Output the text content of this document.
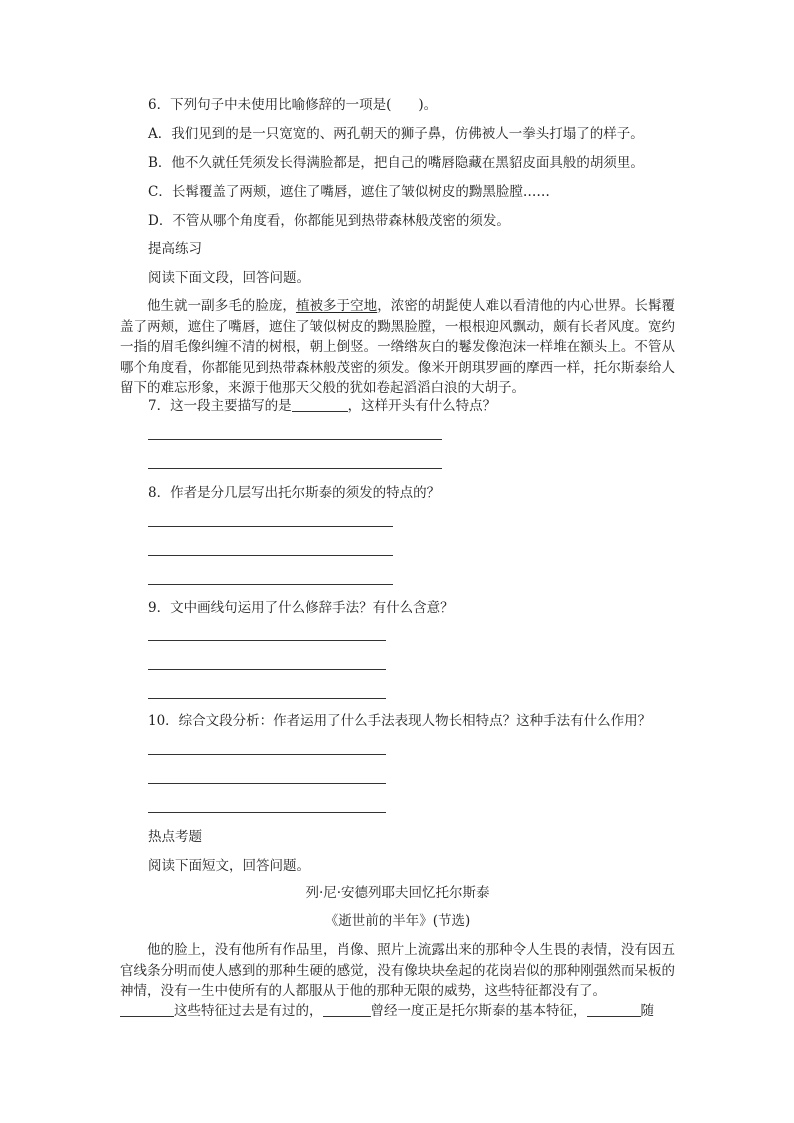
6．下列句子中未使用比喻修辞的一项是(　　)。
A．我们见到的是一只宽宽的、两孔朝天的狮子鼻，仿佛被人一拳头打塌了的样子。
B．他不久就任凭须发长得满脸都是，把自己的嘴唇隐藏在黑貂皮面具般的胡须里。
C．长髯覆盖了两颊，遮住了嘴唇，遮住了皱似树皮的黝黑脸膛……
D．不管从哪个角度看，你都能见到热带森林般茂密的须发。
提高练习
阅读下面文段，回答问题。
他生就一副多毛的脸庞，植被多于空地，浓密的胡髭使人难以看清他的内心世界。长髯覆盖了两颊，遮住了嘴唇，遮住了皱似树皮的黝黑脸膛，一根根迎风飘动，颇有长者风度。宽约一指的眉毛像纠缠不清的树根，朝上倒竖。一绺绺灰白的鬈发像泡沫一样堆在额头上。不管从哪个角度看，你都能见到热带森林般茂密的须发。像米开朗琪罗画的摩西一样，托尔斯泰给人留下的难忘形象，来源于他那天父般的犹如卷起滔滔白浪的大胡子。
7．这一段主要描写的是	，这样开头有什么特点？
8．作者是分几层写出托尔斯泰的须发的特点的？
9．文中画线句运用了什么修辞手法？有什么含意？
10．综合文段分析：作者运用了什么手法表现人物长相特点？这种手法有什么作用？
热点考题
阅读下面短文，回答问题。
列·尼·安德列耶夫回忆托尔斯泰
《逝世前的半年》(节选)
他的脸上，没有他所有作品里，肖像、照片上流露出来的那种令人生畏的表情，没有因五官线条分明而使人感到的那种生硬的感觉，没有像块块垒起的花岗岩似的那种刚强然而呆板的神情，没有一生中使所有的人都服从于他的那种无限的威势，这些特征都没有了。
这些特征过去是有过的，	曾经一度正是托尔斯泰的基本特征，	随
